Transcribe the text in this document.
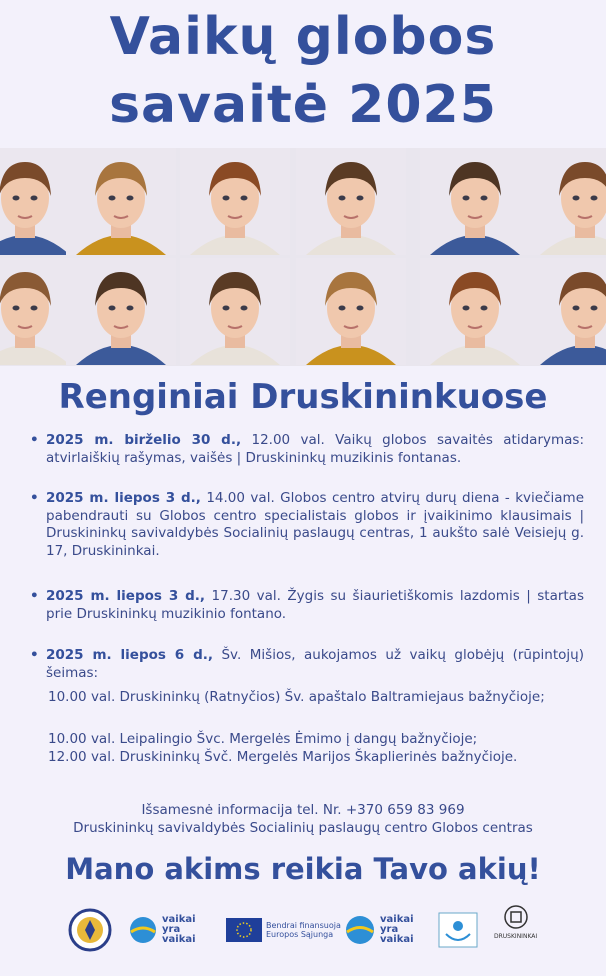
Vaikų globos
savaitė 2025
Renginiai Druskininkuose
• 2025 m. birželio 30 d., 12.00 val. Vaikų globos savaitės atidarymas: atvirlaiškių rašymas, vaišės | Druskininkų muzikinis fontanas.
• 2025 m. liepos 3 d., 14.00 val. Globos centro atvirų durų diena - kviečiame pabendrauti su Globos centro specialistais globos ir įvaikinimo klausimais | Druskininkų savivaldybės Socialinių paslaugų centras, 1 aukšto salė Veisiejų g. 17, Druskininkai.
• 2025 m. liepos 3 d., 17.30 val. Žygis su šiaurietiškomis lazdomis | startas prie Druskininkų muzikinio fontano.
• 2025 m. liepos 6 d., Šv. Mišios, aukojamos už vaikų globėjų (rūpintojų) šeimas:
10.00 val. Druskininkų (Ratnyčios) Šv. apaštalo Baltramiejaus bažnyčioje;
10.00 val. Leipalingio Švc. Mergelės Ėmimo į dangų bažnyčioje;
12.00 val. Druskininkų Švč. Mergelės Marijos Škaplierinės bažnyčioje.
Išsamesnė informacija tel. Nr. +370 659 83 969
Druskininkų savivaldybės Socialinių paslaugų centro Globos centras
Mano akims reikia Tavo akių!
vaikai
yra
vaikai
Bendrai finansuoja
Europos Sąjunga
vaikai
yra
vaikai	DRUSKININKAI
